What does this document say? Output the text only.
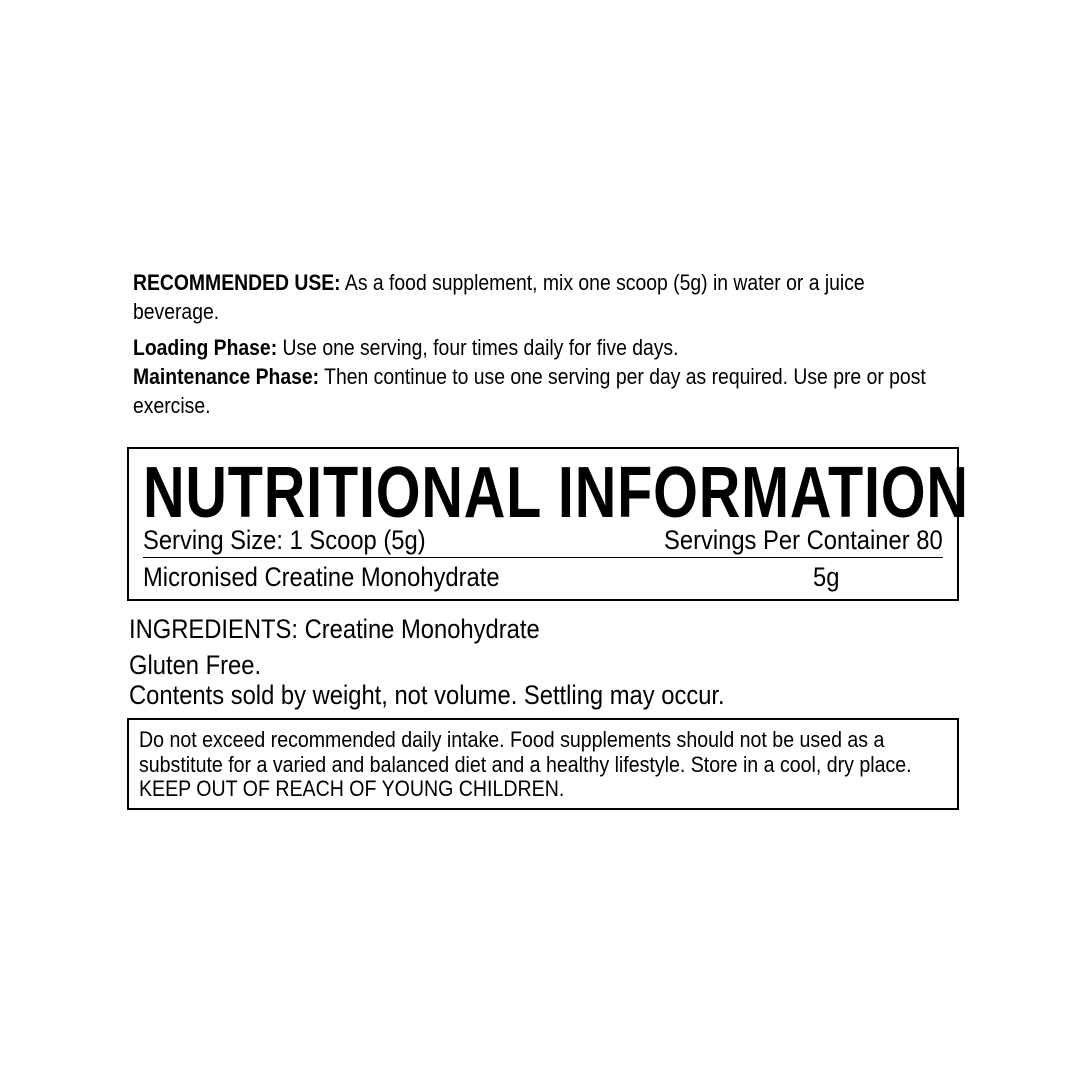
RECOMMENDED USE: As a food supplement, mix one scoop (5g) in water or a juice beverage.

Loading Phase: Use one serving, four times daily for five days.

Maintenance Phase: Then continue to use one serving per day as required. Use pre or post exercise.

NUTRITIONAL INFORMATION
Serving Size: 1 Scoop (5g)	Servings Per Container 80
Micronised Creatine Monohydrate	5g

INGREDIENTS: Creatine Monohydrate

Gluten Free.

Contents sold by weight, not volume. Settling may occur.

Do not exceed recommended daily intake. Food supplements should not be used as a substitute for a varied and balanced diet and a healthy lifestyle. Store in a cool, dry place. KEEP OUT OF REACH OF YOUNG CHILDREN.
